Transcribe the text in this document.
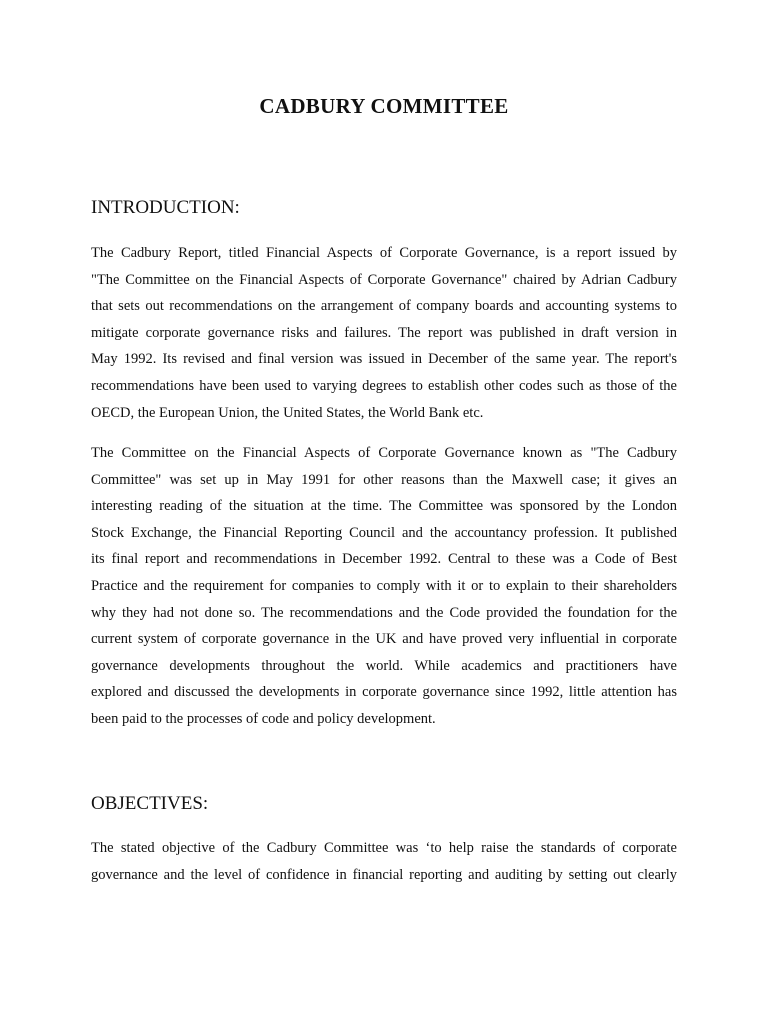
CADBURY COMMITTEE
INTRODUCTION:

The Cadbury Report, titled Financial Aspects of Corporate Governance, is a report issued by
"The Committee on the Financial Aspects of Corporate Governance" chaired by Adrian Cadbury
that sets out recommendations on the arrangement of company boards and accounting systems to
mitigate corporate governance risks and failures. The report was published in draft version in
May 1992. Its revised and final version was issued in December of the same year. The report's
recommendations have been used to varying degrees to establish other codes such as those of the
OECD, the European Union, the United States, the World Bank etc.

The Committee on the Financial Aspects of Corporate Governance known as "The Cadbury
Committee" was set up in May 1991 for other reasons than the Maxwell case; it gives an
interesting reading of the situation at the time. The Committee was sponsored by the London
Stock Exchange, the Financial Reporting Council and the accountancy profession. It published
its final report and recommendations in December 1992. Central to these was a Code of Best
Practice and the requirement for companies to comply with it or to explain to their shareholders
why they had not done so. The recommendations and the Code provided the foundation for the
current system of corporate governance in the UK and have proved very influential in corporate
governance developments throughout the world. While academics and practitioners have
explored and discussed the developments in corporate governance since 1992, little attention has
been paid to the processes of code and policy development.

OBJECTIVES:

The stated objective of the Cadbury Committee was ‘to help raise the standards of corporate
governance and the level of confidence in financial reporting and auditing by setting out clearly
